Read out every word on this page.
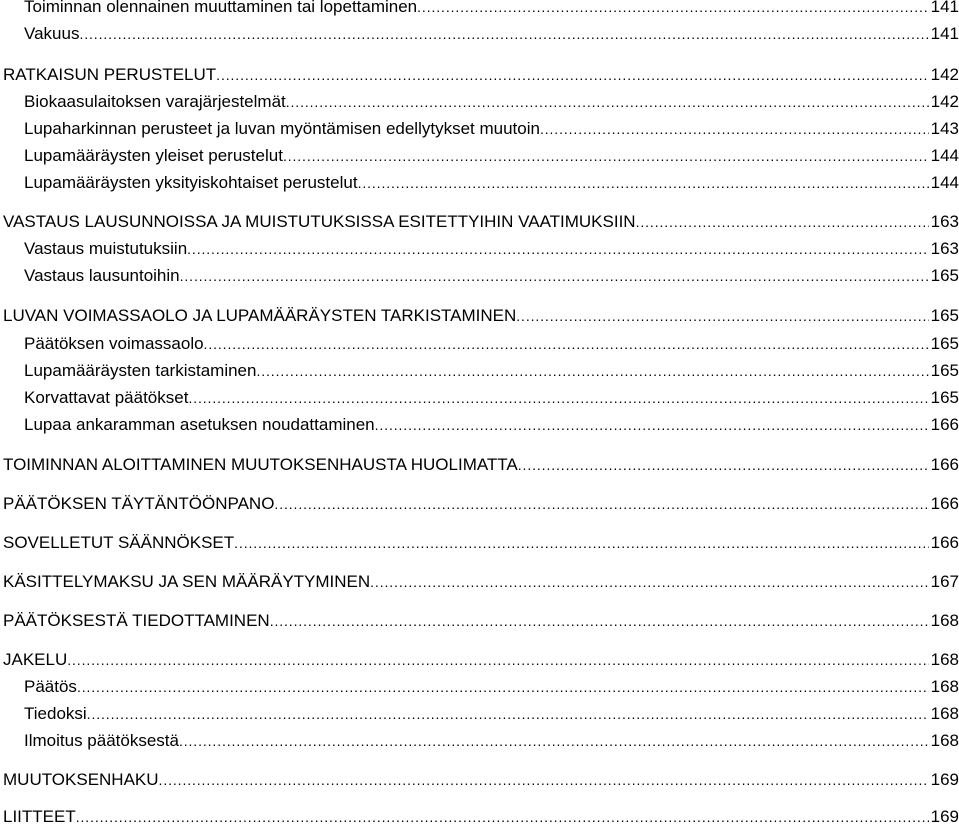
Toiminnan olennainen muuttaminen tai lopettaminen . . .	141
Vakuus . . .	141
RATKAISUN PERUSTELUT . . .	142
Biokaasulaitoksen varajärjestelmät . . .	142
Lupaharkinnan perusteet ja luvan myöntämisen edellytykset muutoin . . .	143
Lupamääräysten yleiset perustelut . . .	144
Lupamääräysten yksityiskohtaiset perustelut . . .	144
VASTAUS LAUSUNNOISSA JA MUISTUTUKSISSA ESITETTYIHIN VAATIMUKSIIN . . .	163
Vastaus muistutuksiin . . .	163
Vastaus lausuntoihin . . .	165
LUVAN VOIMASSAOLO JA LUPAMÄÄRÄYSTEN TARKISTAMINEN . . .	165
Päätöksen voimassaolo . . .	165
Lupamääräysten tarkistaminen . . .	165
Korvattavat päätökset . . .	165
Lupaa ankaramman asetuksen noudattaminen . . .	166
TOIMINNAN ALOITTAMINEN MUUTOKSENHAUSTA HUOLIMATTA . . .	166
PÄÄTÖKSEN TÄYTÄNTÖÖNPANO . . .	166
SOVELLETUT SÄÄNNÖKSET . . .	166
KÄSITTELYMAKSU JA SEN MÄÄRÄYTYMINEN . . .	167
PÄÄTÖKSESTÄ TIEDOTTAMINEN . . .	168
JAKELU . . .	168
Päätös . . .	168
Tiedoksi . . .	168
Ilmoitus päätöksestä . . .	168
MUUTOKSENHAKU . . .	169
LIITTEET . . .	169
